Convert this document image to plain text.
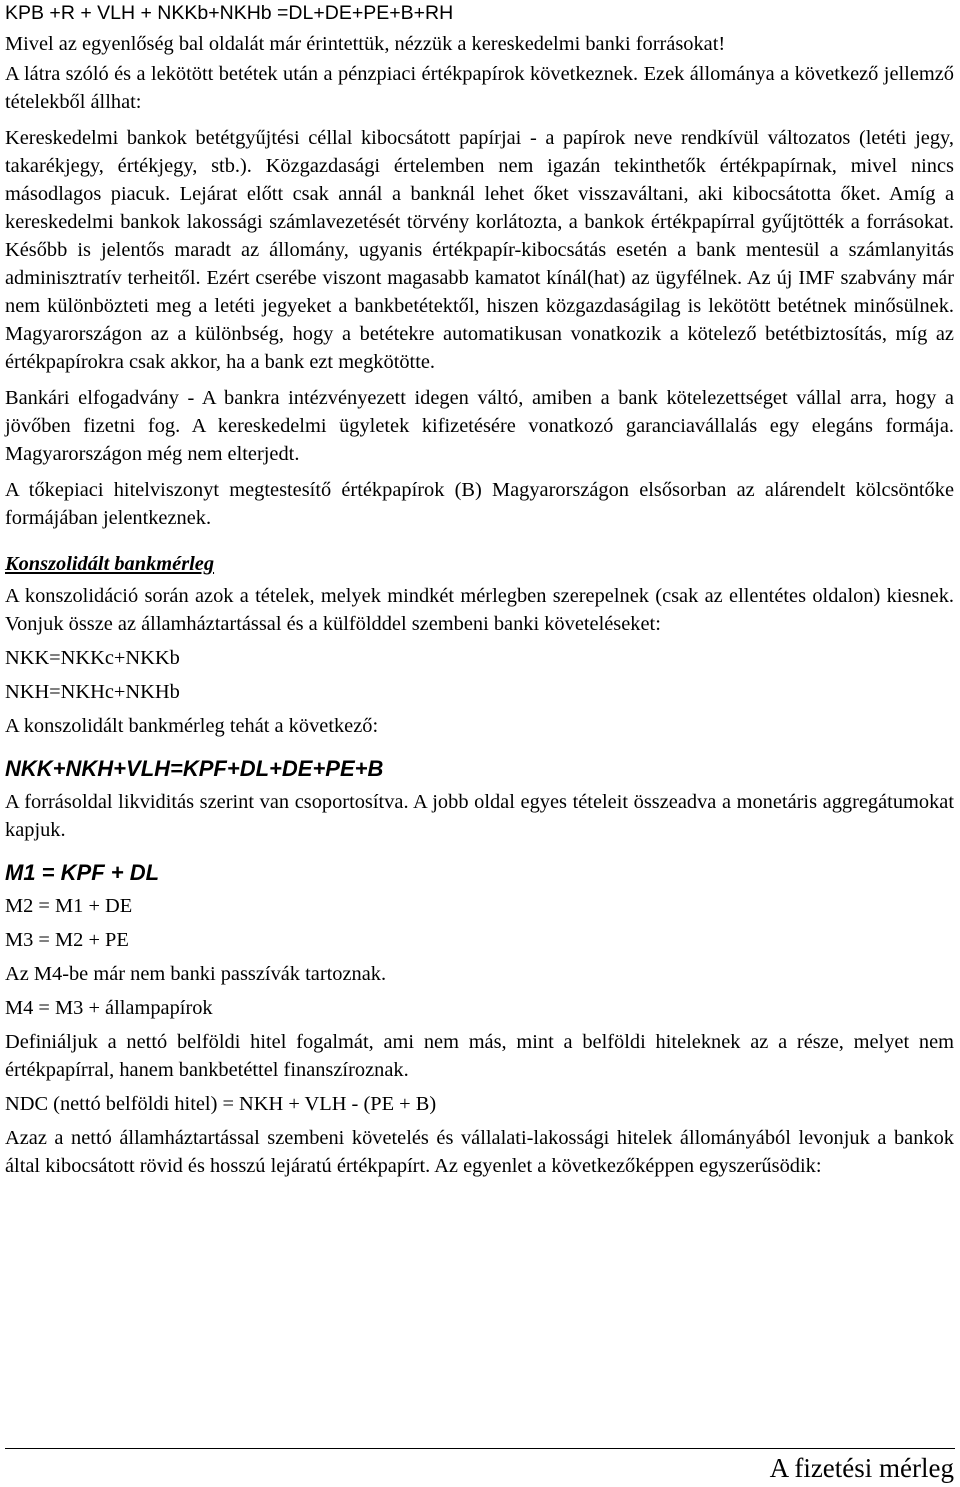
KPB +R + VLH + NKKb+NKHb =DL+DE+PE+B+RH

Mivel az egyenlőség bal oldalát már érintettük, nézzük a kereskedelmi banki forrásokat!

A látra szóló és a lekötött betétek után a pénzpiaci értékpapírok következnek. Ezek állománya a következő jellemző tételekből állhat:

Kereskedelmi bankok betétgyűjtési céllal kibocsátott papírjai - a papírok neve rendkívül változatos (letéti jegy, takarékjegy, értékjegy, stb.). Közgazdasági értelemben nem igazán tekinthetők értékpapírnak, mivel nincs másodlagos piacuk. Lejárat előtt csak annál a banknál lehet őket visszaváltani, aki kibocsátotta őket. Amíg a kereskedelmi bankok lakossági számlavezetését törvény korlátozta, a bankok értékpapírral gyűjtötték a forrásokat. Később is jelentős maradt az állomány, ugyanis értékpapír-kibocsátás esetén a bank mentesül a számlanyitás adminisztratív terheitől. Ezért cserébe viszont magasabb kamatot kínál(hat) az ügyfélnek. Az új IMF szabvány már nem különbözteti meg a letéti jegyeket a bankbetétektől, hiszen közgazdaságilag is lekötött betétnek minősülnek. Magyarországon az a különbség, hogy a betétekre automatikusan vonatkozik a kötelező betétbiztosítás, míg az értékpapírokra csak akkor, ha a bank ezt megkötötte.

Bankári elfogadvány - A bankra intézvényezett idegen váltó, amiben a bank kötelezettséget vállal arra, hogy a jövőben fizetni fog. A kereskedelmi ügyletek kifizetésére vonatkozó garanciavállalás egy elegáns formája. Magyarországon még nem elterjedt.

A tőkepiaci hitelviszonyt megtestesítő értékpapírok (B) Magyarországon elsősorban az alárendelt kölcsöntőke formájában jelentkeznek.

Konszolidált bankmérleg

A konszolidáció során azok a tételek, melyek mindkét mérlegben szerepelnek (csak az ellentétes oldalon) kiesnek. Vonjuk össze az államháztartással és a külfölddel szembeni banki követeléseket:

NKK=NKKc+NKKb

NKH=NKHc+NKHb

A konszolidált bankmérleg tehát a következő:

NKK+NKH+VLH=KPF+DL+DE+PE+B

A forrásoldal likviditás szerint van csoportosítva. A jobb oldal egyes tételeit összeadva a monetáris aggregátumokat kapjuk.

M1 = KPF + DL

M2 = M1 + DE

M3 = M2 + PE

Az M4-be már nem banki passzívák tartoznak.

M4 = M3 + állampapírok

Definiáljuk a nettó belföldi hitel fogalmát, ami nem más, mint a belföldi hiteleknek az a része, melyet nem értékpapírral, hanem bankbetéttel finanszíroznak.

NDC (nettó belföldi hitel) = NKH + VLH - (PE + B)

Azaz a nettó államháztartással szembeni követelés és vállalati-lakossági hitelek állományából levonjuk a bankok által kibocsátott rövid és hosszú lejáratú értékpapírt. Az egyenlet a következőképpen egyszerűsödik:

A fizetési mérleg
